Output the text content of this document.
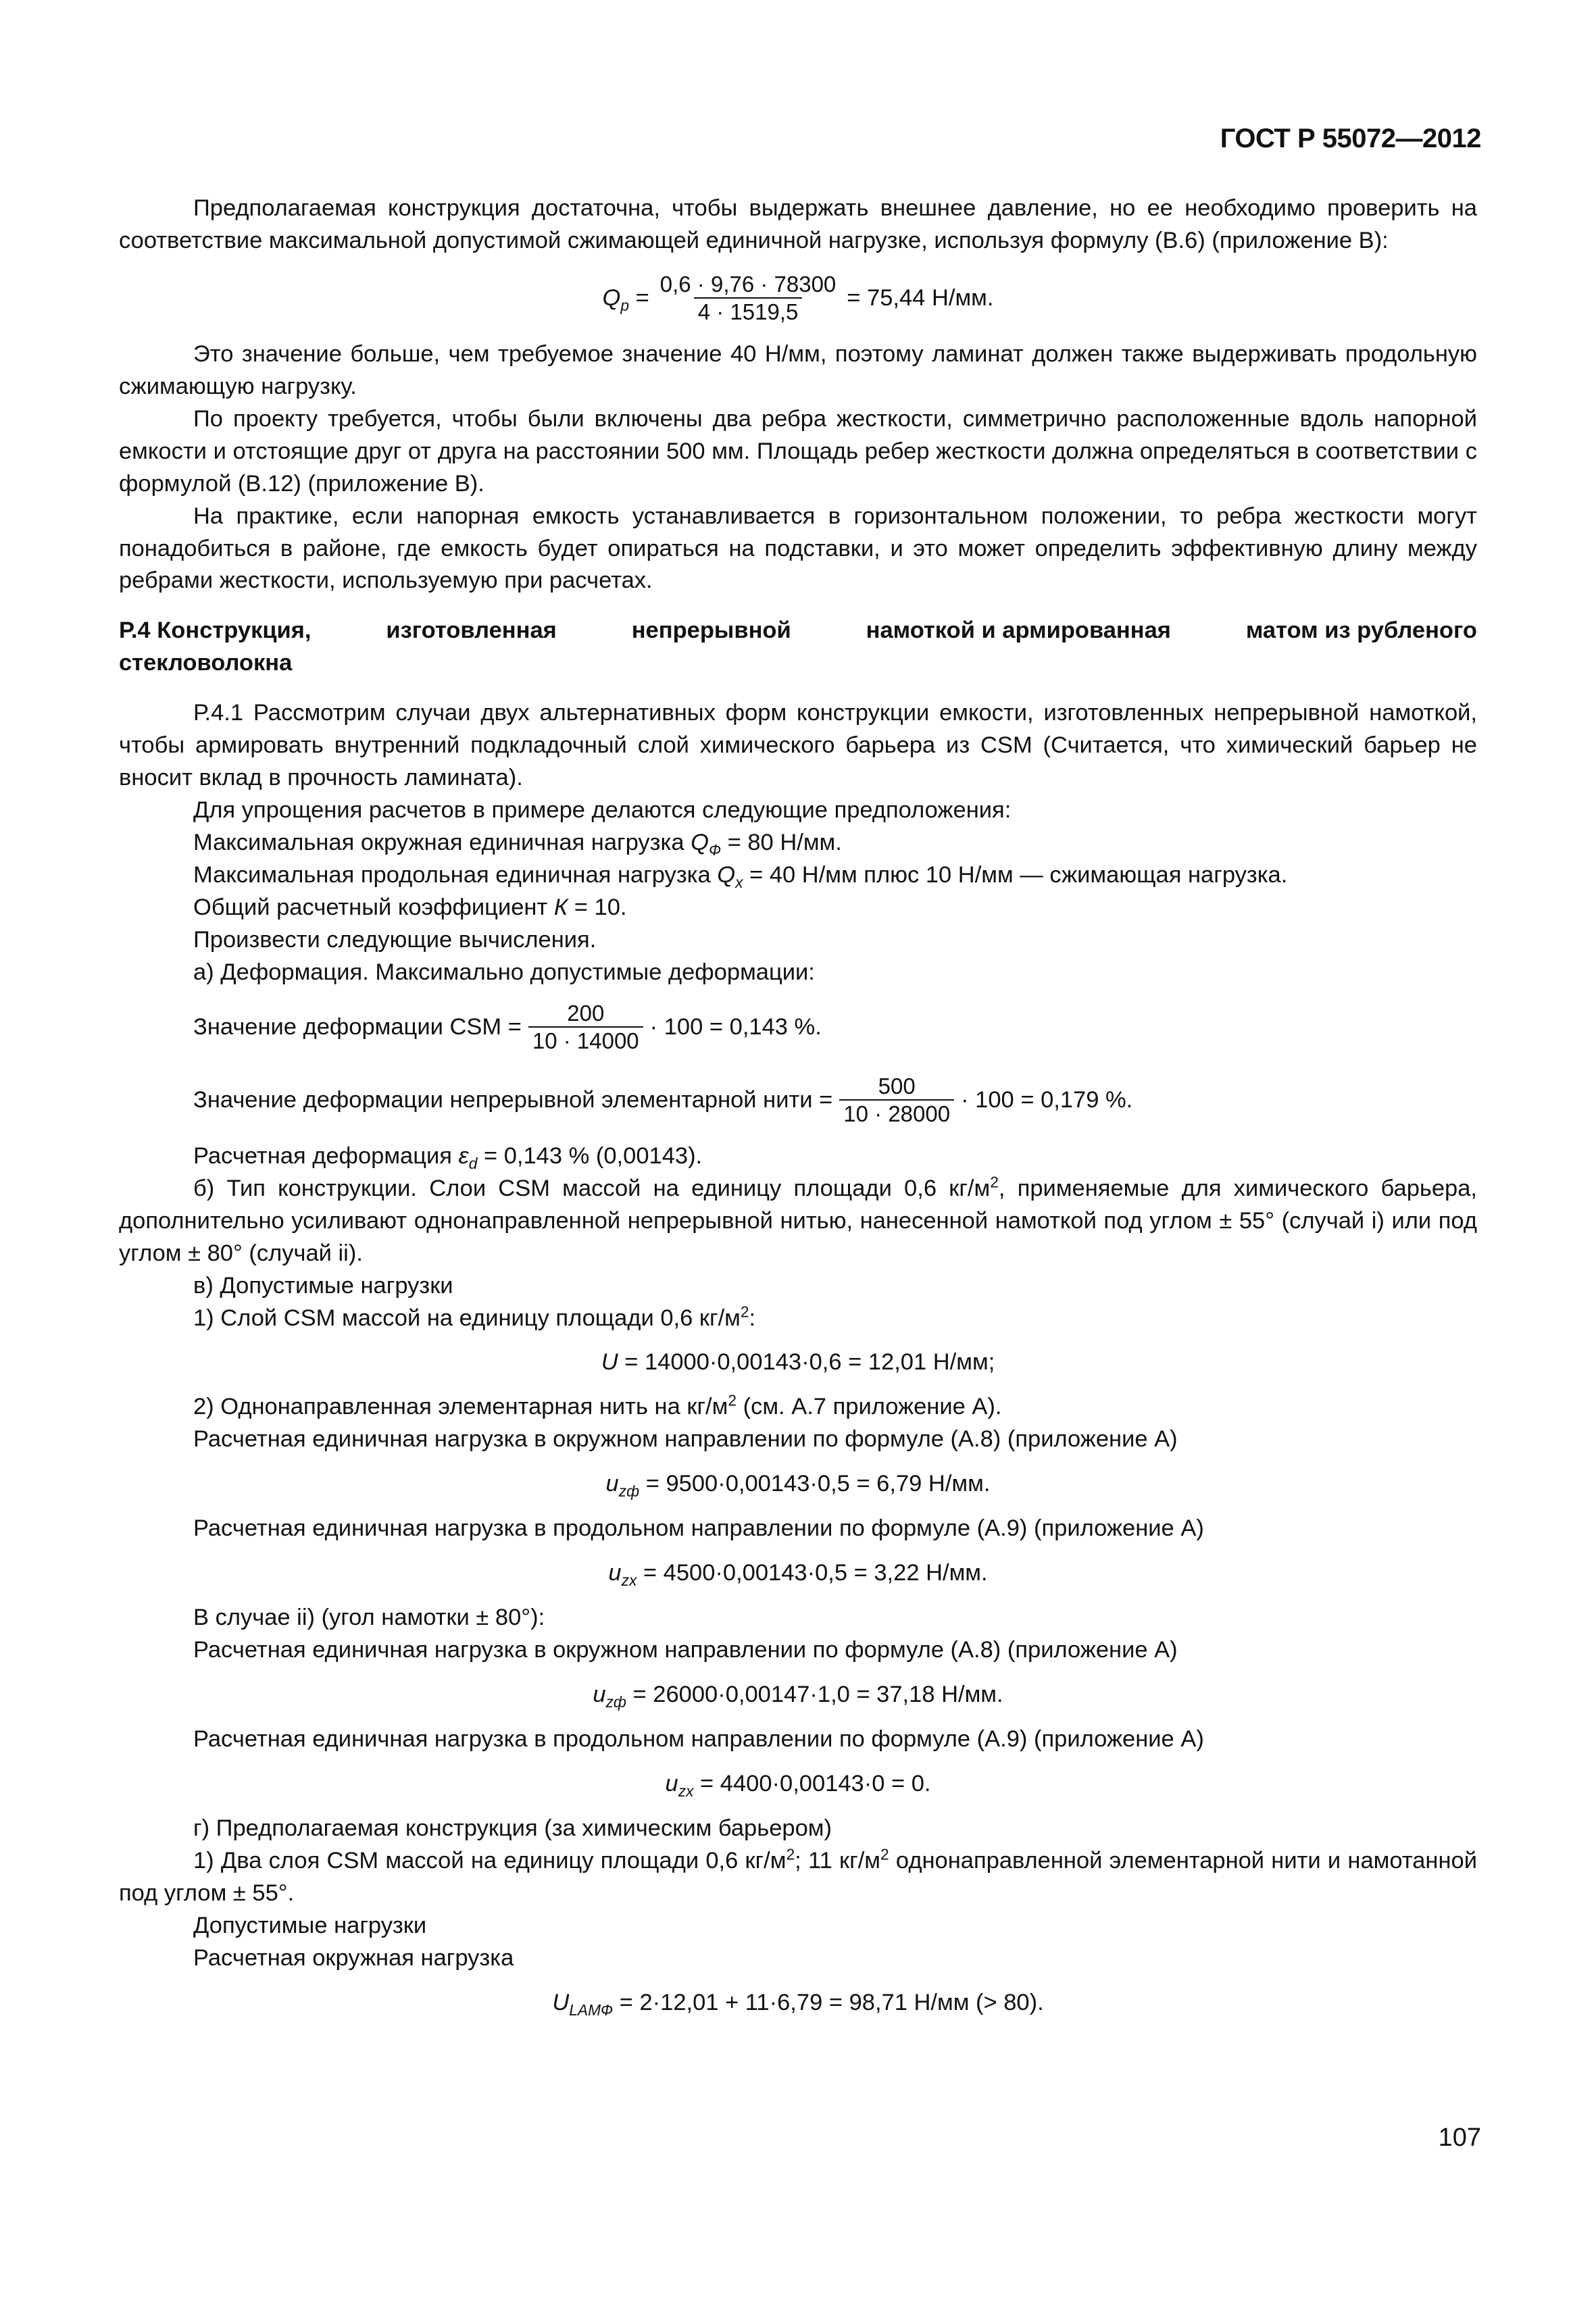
ГОСТ Р 55072—2012

Предполагаемая конструкция достаточна, чтобы выдержать внешнее давление, но ее необходимо проверить на соответствие максимальной допустимой сжимающей единичной нагрузке, используя формулу (В.6) (приложение В):

$Q_p = \frac{0,6 \cdot 9,76 \cdot 78300}{4 \cdot 1519,5} = 75,44$ Н/мм.

Это значение больше, чем требуемое значение 40 Н/мм, поэтому ламинат должен также выдерживать продольную сжимающую нагрузку.

По проекту требуется, чтобы были включены два ребра жесткости, симметрично расположенные вдоль напорной емкости и отстоящие друг от друга на расстоянии 500 мм. Площадь ребер жесткости должна определяться в соответствии с формулой (В.12) (приложение В).

На практике, если напорная емкость устанавливается в горизонтальном положении, то ребра жесткости могут понадобиться в районе, где емкость будет опираться на подставки, и это может определить эффективную длину между ребрами жесткости, используемую при расчетах.

Р.4 Конструкция,	изготовленная	непрерывной	намоткой и армированная	матом из рубленого
стекловолокна

Р.4.1 Рассмотрим случаи двух альтернативных форм конструкции емкости, изготовленных непрерывной намоткой, чтобы армировать внутренний подкладочный слой химического барьера из CSM (Считается, что химический барьер не вносит вклад в прочность ламината).

Для упрощения расчетов в примере делаются следующие предположения:

Максимальная окружная единичная нагрузка $Q_Ф = 80$ Н/мм.

Максимальная продольная единичная нагрузка $Q_x = 40$ Н/мм плюс 10 Н/мм — сжимающая нагрузка.

Общий расчетный коэффициент К = 10.

Произвести следующие вычисления.

а) Деформация. Максимально допустимые деформации:

Значение деформации CSM = $\frac{200}{10 \cdot 14000} \cdot 100 = 0,143$ %.
Значение деформации непрерывной элементарной нити = $\frac{500}{10 \cdot 28000} \cdot 100 = 0,179$ %.

Расчетная деформация $\varepsilon_d = 0,143$ % (0,00143).

б) Тип конструкции. Слои CSM массой на единицу площади 0,6 $кг/м^2$, применяемые для химического барьера, дополнительно усиливают однонаправленной непрерывной нитью, нанесенной намоткой под углом ± 55° (случай i) или под углом ± 80° (случай ii).

в) Допустимые нагрузки

1) Слой CSM массой на единицу площади 0,6 $кг/м^2$:

U = 14000·0,00143·0,6 = 12,01 Н/мм;

2) Однонаправленная элементарная нить на $кг/м^2$ (см. А.7 приложение А).

Расчетная единичная нагрузка в окружном направлении по формуле (А.8) (приложение А)

$u_{zф} = 9500\cdot 0,00143\cdot 0,5 = 6,79$ Н/мм.

Расчетная единичная нагрузка в продольном направлении по формуле (А.9) (приложение А)

$u_{zx} = 4500\cdot 0,00143\cdot 0,5 = 3,22$ Н/мм.

В случае ii) (угол намотки ± 80°):

Расчетная единичная нагрузка в окружном направлении по формуле (А.8) (приложение А)

$u_{zф} = 26000\cdot 0,00147\cdot 1,0 = 37,18$ Н/мм.

Расчетная единичная нагрузка в продольном направлении по формуле (А.9) (приложение А)

$u_{zx} = 4400\cdot 0,00143\cdot 0 = 0$.

г) Предполагаемая конструкция (за химическим барьером)

1) Два слоя CSM массой на единицу площади 0,6 $кг/м^2$; 11 $кг/м^2$ однонаправленной элементарной нити и намотанной под углом ± 55°.

Допустимые нагрузки

Расчетная окружная нагрузка

$U_{LAMФ} = 2\cdot 12,01 + 11\cdot 6,79 = 98,71$ Н/мм (> 80).
107
